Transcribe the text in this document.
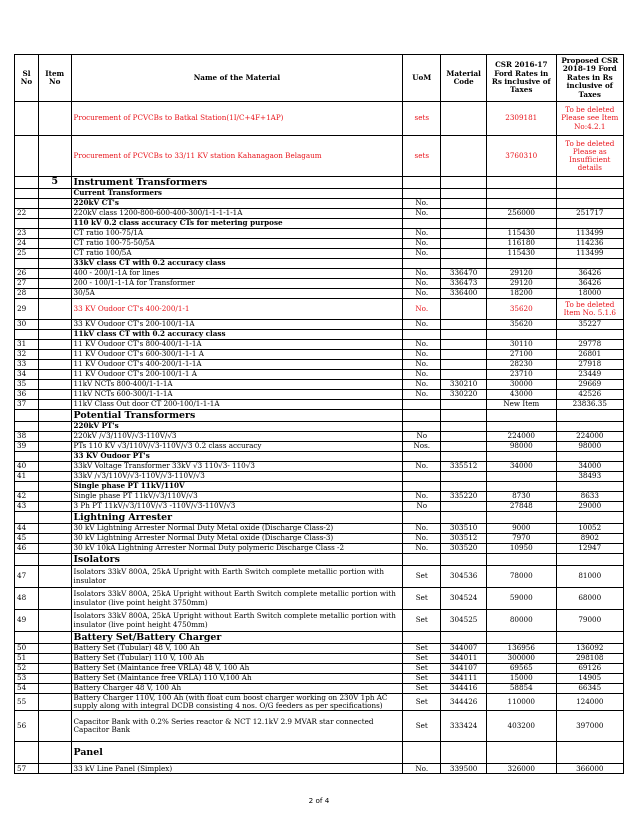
Sl No	Item No	Name of the Material	UoM	Material Code	CSR 2016-17 Ford Rates in Rs inclusive of Taxes	Proposed CSR 2018-19 Ford Rates in Rs inclusive of Taxes
		Procurement of PCVCBs to Batkal Station(1I/C+4F+1AP)	sets		2309181	To be deleted Please see Item No:4.2.1
		Procurement of PCVCBs to 33/11 KV station Kahanagaon Belagaum	sets		3760310	To be deleted Please as Insufficient details
	5	Instrument Transformers				
		Current Transformers				
		220kV CT's	No.			
22		220kV class 1200-800-600-400-300/1-1-1-1-1A	No.		256000	251717
		110 kV 0.2 class accuracy CTs for metering purpose				
23		CT ratio 100-75/1A	No.		115430	113499
24		CT ratio 100-75-50/5A	No.		116180	114236
25		CT ratio 100/5A	No.		115430	113499
		33kV class CT with 0.2 accuracy class				
26		400 - 200/1-1A for lines	No.	336470	29120	36426
27		200 - 100/1-1-1A for Transformer	No.	336473	29120	36426
28		30/5A	No.	336400	18200	18000
29		33 KV Oudoor CT's 400-200/1-1	No.		35620	To be deleted Item No. 5.1.6
30		33 KV Oudoor CT's 200-100/1-1A	No.		35620	35227
		11kV class CT with 0.2 accuracy class				
31		11 KV Oudoor CT's 800-400/1-1-1A	No.		30110	29778
32		11 KV Oudoor CT's 600-300/1-1-1 A	No.		27100	26801
33		11 KV Oudoor CT's 400-200/1-1-1A	No.		28230	27918
34		11 KV Oudoor CT's 200-100/1-1 A	No.		23710	23449
35		11kV NCTs 800-400/1-1-1A	No.	330210	30000	29669
36		11kV NCTs 600-300/1-1-1A	No.	330220	43000	42526
37		11kV Class Out door CT 200-100/1-1-1A			New Item	23836.35
		Potential Transformers				
		220kV PT's				
38		220kV /√3/110V/√3-110V/√3	No		224000	224000
39		PTs 110 KV √3/110V/√3-110V/√3 0.2 class accuracy	Nos.		98000	98000
		33 KV Oudoor PT's				
40		33kV Voltage Transformer 33kV √3 110√3- 110√3	No.	335512	34000	34000
41		33kV /√3/110V/√3-110V/√3-110V/√3				38493
		Single phase PT 11kV/110V				
42		Single phase PT 11kV/√3/110V/√3	No.	335220	8730	8633
43		3 Ph PT 11kV/√3/110V/√3 -110V/√3-110V/√3	No		27848	29000
		Lightning Arrester				
44		30 kV Lightning Arrester Normal Duty Metal oxide (Discharge Class-2)	No.	303510	9000	10052
45		30 kV Lightning Arrester Normal Duty Metal oxide (Discharge Class-3)	No.	303512	7970	8902
46		30 kV 10kA Lightning Arrester Normal Duty polymeric Discharge Class -2	No.	303520	10950	12947
		Isolators				
47		Isolators 33kV 800A, 25kA Upright with Earth Switch complete metallic portion with insulator	Set	304536	78000	81000
48		Isolators 33kV 800A, 25kA Upright without Earth Switch complete metallic portion with insulator (live point height 3750mm)	Set	304524	59000	68000
49		Isolators 33kV 800A, 25kA Upright without Earth Switch complete metallic portion with insulator (live point height 4750mm)	Set	304525	80000	79000
		Battery Set/Battery Charger				
50		Battery Set (Tubular) 48 V, 100 Ah	Set	344007	136956	136092
51		Battery Set (Tubular) 110 V, 100 Ah	Set	344011	300000	298108
52		Battery Set (Maintance free VRLA) 48 V, 100 Ah	Set	344107	69565	69126
53		Battery Set (Maintance free VRLA) 110 V,100 Ah	Set	344111	15000	14905
54		Battery Charger 48 V, 100 Ah	Set	344416	58854	66345
55		Battery Charger 110V, 100 Ah (with float cum boost charger working on 230V 1ph AC supply along with integral DCDB consisting 4 nos. O/G feeders as per specifications)	Set	344426	110000	124000
56		Capacitor Bank with 0.2% Series reactor & NCT 12.1kV 2.9 MVAR star connected Capacitor Bank	Set	333424	403200	397000
		Panel				
57		33 kV Line Panel (Simplex)	No.	339500	326000	366000
2 of 4
